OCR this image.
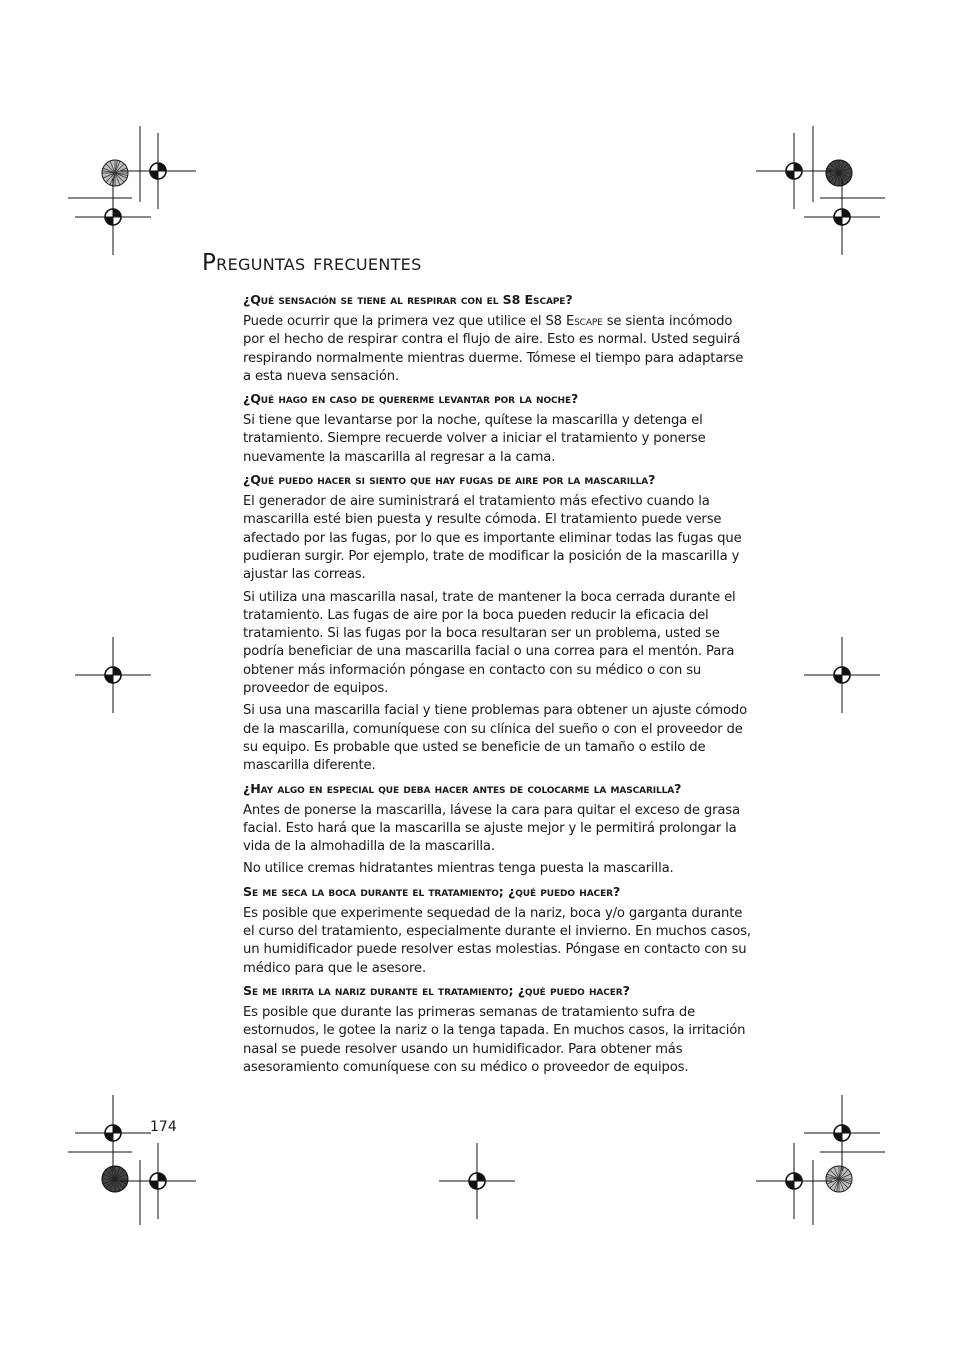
Preguntas frecuentes
¿Qué sensación se tiene al respirar con el S8 Escape?

Puede ocurrir que la primera vez que utilice el S8 Escape se sienta incómodo por el hecho de respirar contra el flujo de aire. Esto es normal. Usted seguirá respirando normalmente mientras duerme. Tómese el tiempo para adaptarse a esta nueva sensación.

¿Qué hago en caso de quererme levantar por la noche?

Si tiene que levantarse por la noche, quítese la mascarilla y detenga el tratamiento. Siempre recuerde volver a iniciar el tratamiento y ponerse nuevamente la mascarilla al regresar a la cama.

¿Qué puedo hacer si siento que hay fugas de aire por la mascarilla?

El generador de aire suministrará el tratamiento más efectivo cuando la mascarilla esté bien puesta y resulte cómoda. El tratamiento puede verse afectado por las fugas, por lo que es importante eliminar todas las fugas que pudieran surgir. Por ejemplo, trate de modificar la posición de la mascarilla y ajustar las correas.

Si utiliza una mascarilla nasal, trate de mantener la boca cerrada durante el tratamiento. Las fugas de aire por la boca pueden reducir la eficacia del tratamiento. Si las fugas por la boca resultaran ser un problema, usted se podría beneficiar de una mascarilla facial o una correa para el mentón. Para obtener más información póngase en contacto con su médico o con su proveedor de equipos.

Si usa una mascarilla facial y tiene problemas para obtener un ajuste cómodo de la mascarilla, comuníquese con su clínica del sueño o con el proveedor de su equipo. Es probable que usted se beneficie de un tamaño o estilo de mascarilla diferente.

¿Hay algo en especial que deba hacer antes de colocarme la mascarilla?

Antes de ponerse la mascarilla, lávese la cara para quitar el exceso de grasa facial. Esto hará que la mascarilla se ajuste mejor y le permitirá prolongar la vida de la almohadilla de la mascarilla.

No utilice cremas hidratantes mientras tenga puesta la mascarilla.

Se me seca la boca durante el tratamiento; ¿qué puedo hacer?

Es posible que experimente sequedad de la nariz, boca y/o garganta durante el curso del tratamiento, especialmente durante el invierno. En muchos casos, un humidificador puede resolver estas molestias. Póngase en contacto con su médico para que le asesore.

Se me irrita la nariz durante el tratamiento; ¿qué puedo hacer?

Es posible que durante las primeras semanas de tratamiento sufra de estornudos, le gotee la nariz o la tenga tapada. En muchos casos, la irritación nasal se puede resolver usando un humidificador. Para obtener más asesoramiento comuníquese con su médico o proveedor de equipos.

174
